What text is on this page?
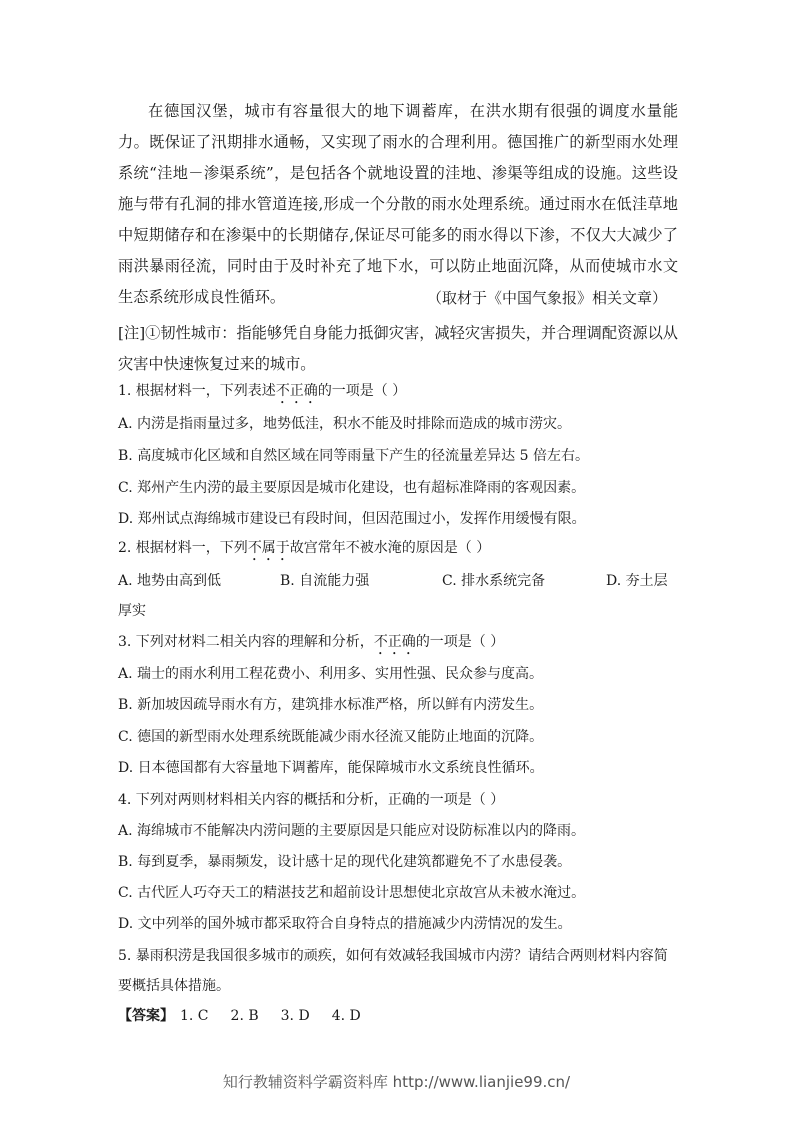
在德国汉堡，城市有容量很大的地下调蓄库，在洪水期有很强的调度水量能力。既保证了汛期排水通畅，又实现了雨水的合理利用。德国推广的新型雨水处理系统“洼地－渗渠系统”，是包括各个就地设置的洼地、渗渠等组成的设施。这些设施与带有孔洞的排水管道连接,形成一个分散的雨水处理系统。通过雨水在低洼草地中短期储存和在渗渠中的长期储存,保证尽可能多的雨水得以下渗，不仅大大减少了雨洪暴雨径流，同时由于及时补充了地下水，可以防止地面沉降，从而使城市水文生态系统形成良性循环。	（取材于《中国气象报》相关文章）

[注]①韧性城市：指能够凭自身能力抵御灾害，减轻灾害损失，并合理调配资源以从灾害中快速恢复过来的城市。

1. 根据材料一，下列表述不正确的一项是（ ）
A. 内涝是指雨量过多，地势低洼，积水不能及时排除而造成的城市涝灾。
B. 高度城市化区域和自然区域在同等雨量下产生的径流量差异达 5 倍左右。
C. 郑州产生内涝的最主要原因是城市化建设，也有超标准降雨的客观因素。
D. 郑州试点海绵城市建设已有段时间，但因范围过小，发挥作用缓慢有限。
2. 根据材料一，下列不属于故宫常年不被水淹的原因是（ ）
A. 地势由高到低	B. 自流能力强	C. 排水系统完备	D. 夯土层
厚实
3. 下列对材料二相关内容的理解和分析，不正确的一项是（ ）
A. 瑞士的雨水利用工程花费小、利用多、实用性强、民众参与度高。
B. 新加坡因疏导雨水有方，建筑排水标准严格，所以鲜有内涝发生。
C. 德国的新型雨水处理系统既能减少雨水径流又能防止地面的沉降。
D. 日本德国都有大容量地下调蓄库，能保障城市水文系统良性循环。
4. 下列对两则材料相关内容的概括和分析，正确的一项是（ ）
A. 海绵城市不能解决内涝问题的主要原因是只能应对设防标准以内的降雨。
B. 每到夏季，暴雨频发，设计感十足的现代化建筑都避免不了水患侵袭。
C. 古代匠人巧夺天工的精湛技艺和超前设计思想使北京故宫从未被水淹过。
D. 文中列举的国外城市都采取符合自身特点的措施减少内涝情况的发生。
5. 暴雨积涝是我国很多城市的顽疾，如何有效减轻我国城市内涝？请结合两则材料内容简
要概括具体措施。
【答案】 1. C 2. B 3. D 4. D
知行教辅资料学霸资料库 http://www.lianjie99.cn/
